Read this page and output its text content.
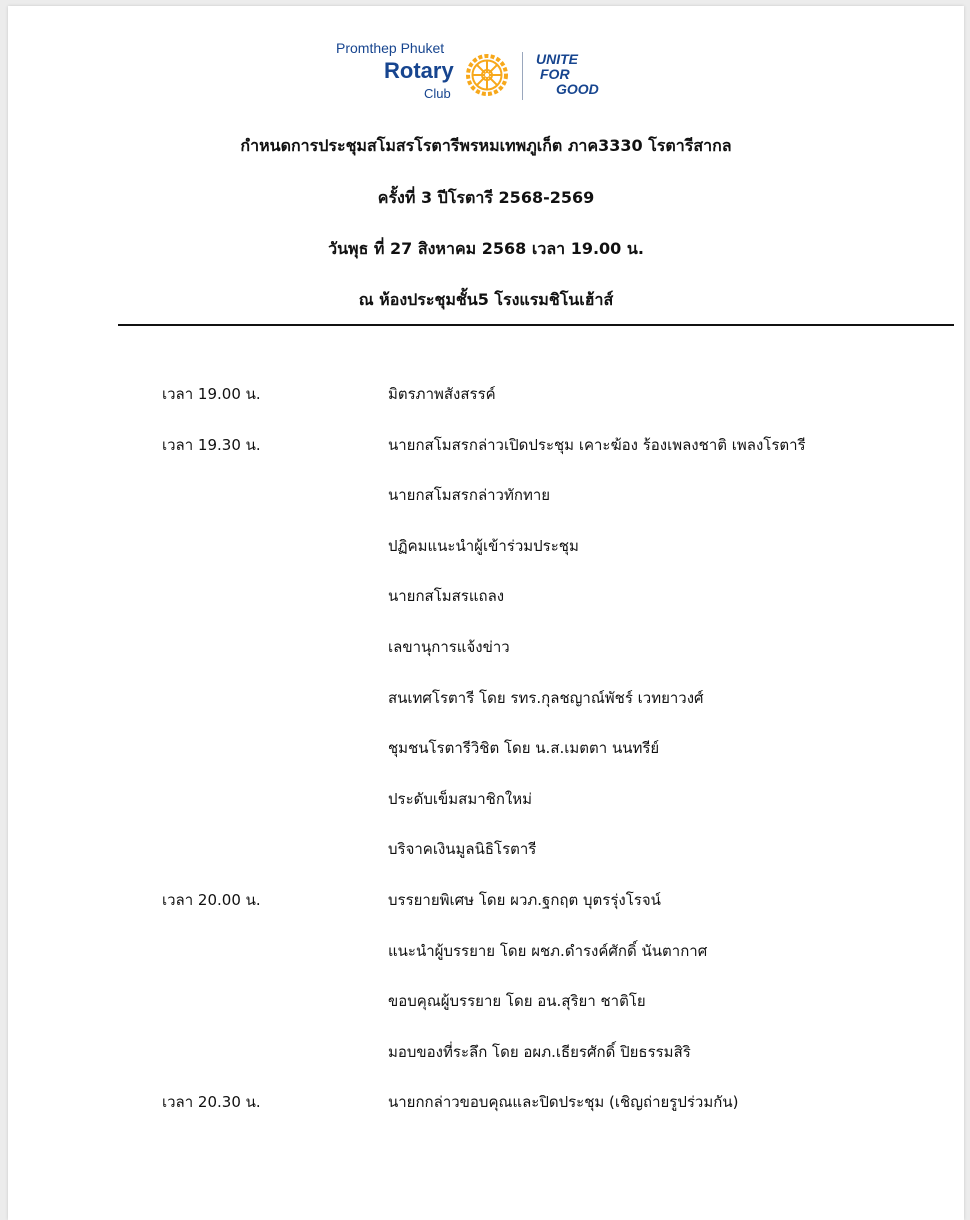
Promthep Phuket
Rotary
Club
UNITE
FOR
GOOD
กำหนดการประชุมสโมสรโรตารีพรหมเทพภูเก็ต ภาค3330 โรตารีสากล
ครั้งที่ 3 ปีโรตารี 2568-2569
วันพุธ ที่ 27 สิงหาคม 2568 เวลา 19.00 น.
ณ ห้องประชุมชั้น5 โรงแรมชิโนเฮ้าส์
เวลา 19.00 น.	มิตรภาพสังสรรค์
เวลา 19.30 น.	นายกสโมสรกล่าวเปิดประชุม เคาะฆ้อง ร้องเพลงชาติ เพลงโรตารี
นายกสโมสรกล่าวทักทาย
ปฏิคมแนะนำผู้เข้าร่วมประชุม
นายกสโมสรแถลง
เลขานุการแจ้งข่าว
สนเทศโรตารี โดย รทร.กุลชญาณ์พัชร์ เวทยาวงศ์
ชุมชนโรตารีวิชิต โดย น.ส.เมตตา นนทรีย์
ประดับเข็มสมาชิกใหม่
บริจาคเงินมูลนิธิโรตารี
เวลา 20.00 น.	บรรยายพิเศษ โดย ผวภ.ฐกฤต บุตรรุ่งโรจน์
แนะนำผู้บรรยาย โดย ผชภ.ดำรงค์ศักดิ์ นันตากาศ
ขอบคุณผู้บรรยาย โดย อน.สุริยา ชาติโย
มอบของที่ระลึก โดย อผภ.เธียรศักดิ์ ปิยธรรมสิริ
เวลา 20.30 น.	นายกกล่าวขอบคุณและปิดประชุม (เชิญถ่ายรูปร่วมกัน)
